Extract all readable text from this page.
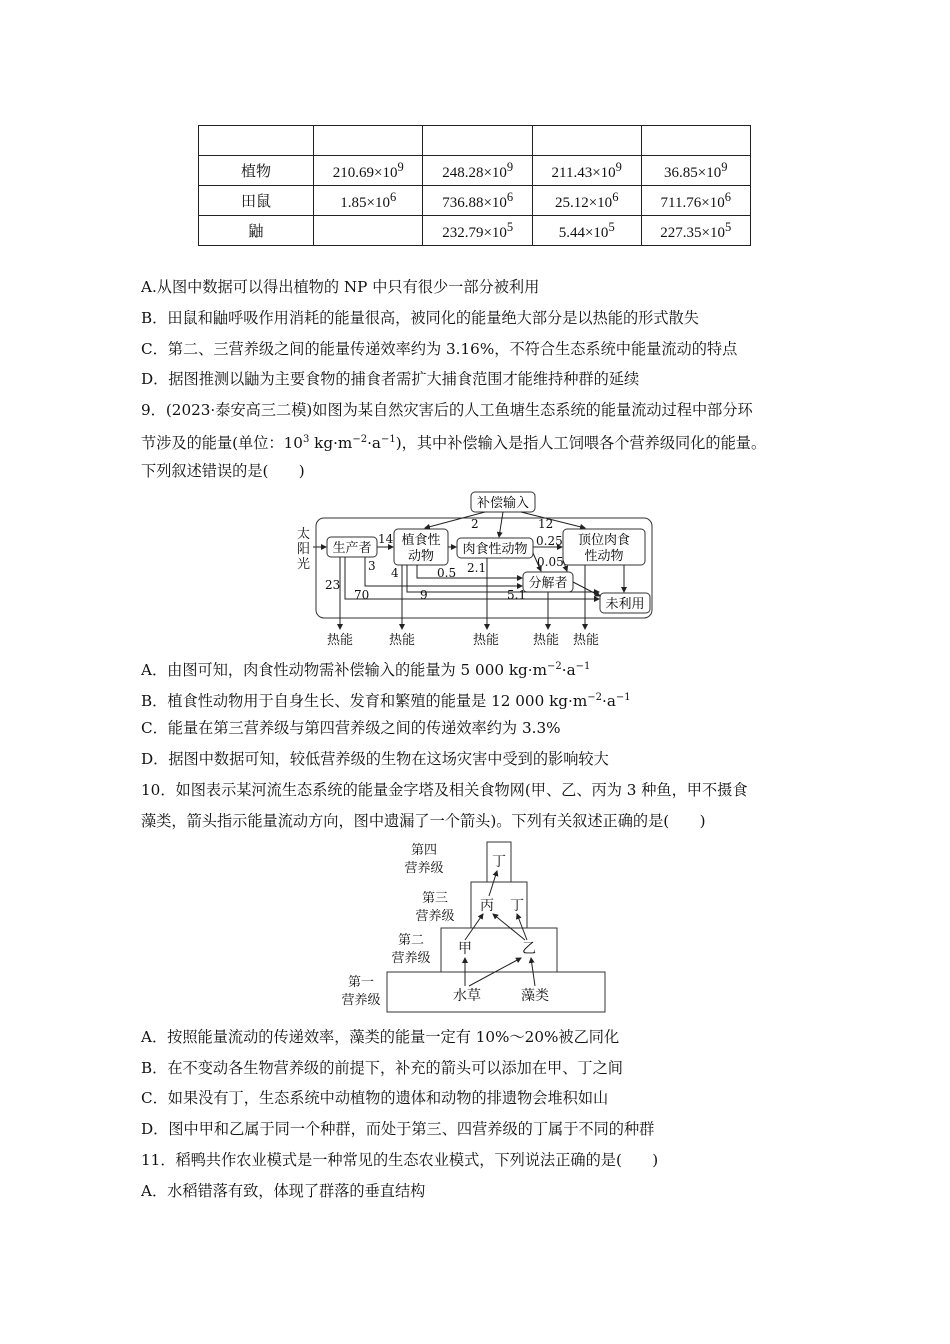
植物	$210.69\times 10^9$	$248.28\times 10^9$	$211.43\times 10^9$	$36.85\times 10^9$
田鼠	$1.85\times 10^6$	$736.88\times 10^6$	$25.12\times 10^6$	$711.76\times 10^6$
鼬		$232.79\times 10^5$	$5.44\times 10^5$	$227.35\times 10^5$
A.从图中数据可以得出植物的 NP 中只有很少一部分被利用
B．田鼠和鼬呼吸作用消耗的能量很高，被同化的能量绝大部分是以热能的形式散失
C．第二、三营养级之间的能量传递效率约为 3.16%，不符合生态系统中能量流动的特点
D．据图推测以鼬为主要食物的捕食者需扩大捕食范围才能维持种群的延续
9．(2023·泰安高三二模)如图为某自然灾害后的人工鱼塘生态系统的能量流动过程中部分环
节涉及的能量(单位：$10^3$ $kg\cdot m^{-2}\cdot a^{-1}$)，其中补偿输入是指人工饲喂各个营养级同化的能量。
下列叙述错误的是(　　)
太
阳
光
补偿输入
生产者
植食性
动物 肉食性动物
顶位肉食
性动物
分解者
未利用
14
2	12
0.25
0.05
3 4	0.5 2.1
23
70	9	5.1
热能	热能	热能	热能 热能
A．由图可知，肉食性动物需补偿输入的能量为 5 000 $kg\cdot m^{-2}\cdot a^{-1}$
B．植食性动物用于自身生长、发育和繁殖的能量是 12 000 $kg\cdot m^{-2}\cdot a^{-1}$
C．能量在第三营养级与第四营养级之间的传递效率约为 3.3%
D．据图中数据可知，较低营养级的生物在这场灾害中受到的影响较大
10．如图表示某河流生态系统的能量金字塔及相关食物网(甲、乙、丙为 3 种鱼，甲不摄食
藻类，箭头指示能量流动方向，图中遗漏了一个箭头)。下列有关叙述正确的是(　　)
第四
营养级
第三
营养级
第二
营养级
第一
营养级
丁
丙 丁
甲	乙
水草	藻类
A．按照能量流动的传递效率，藻类的能量一定有 10%～20%被乙同化
B．在不变动各生物营养级的前提下，补充的箭头可以添加在甲、丁之间
C．如果没有丁，生态系统中动植物的遗体和动物的排遗物会堆积如山
D．图中甲和乙属于同一个种群，而处于第三、四营养级的丁属于不同的种群
11．稻鸭共作农业模式是一种常见的生态农业模式，下列说法正确的是(　　)
A．水稻错落有致，体现了群落的垂直结构
